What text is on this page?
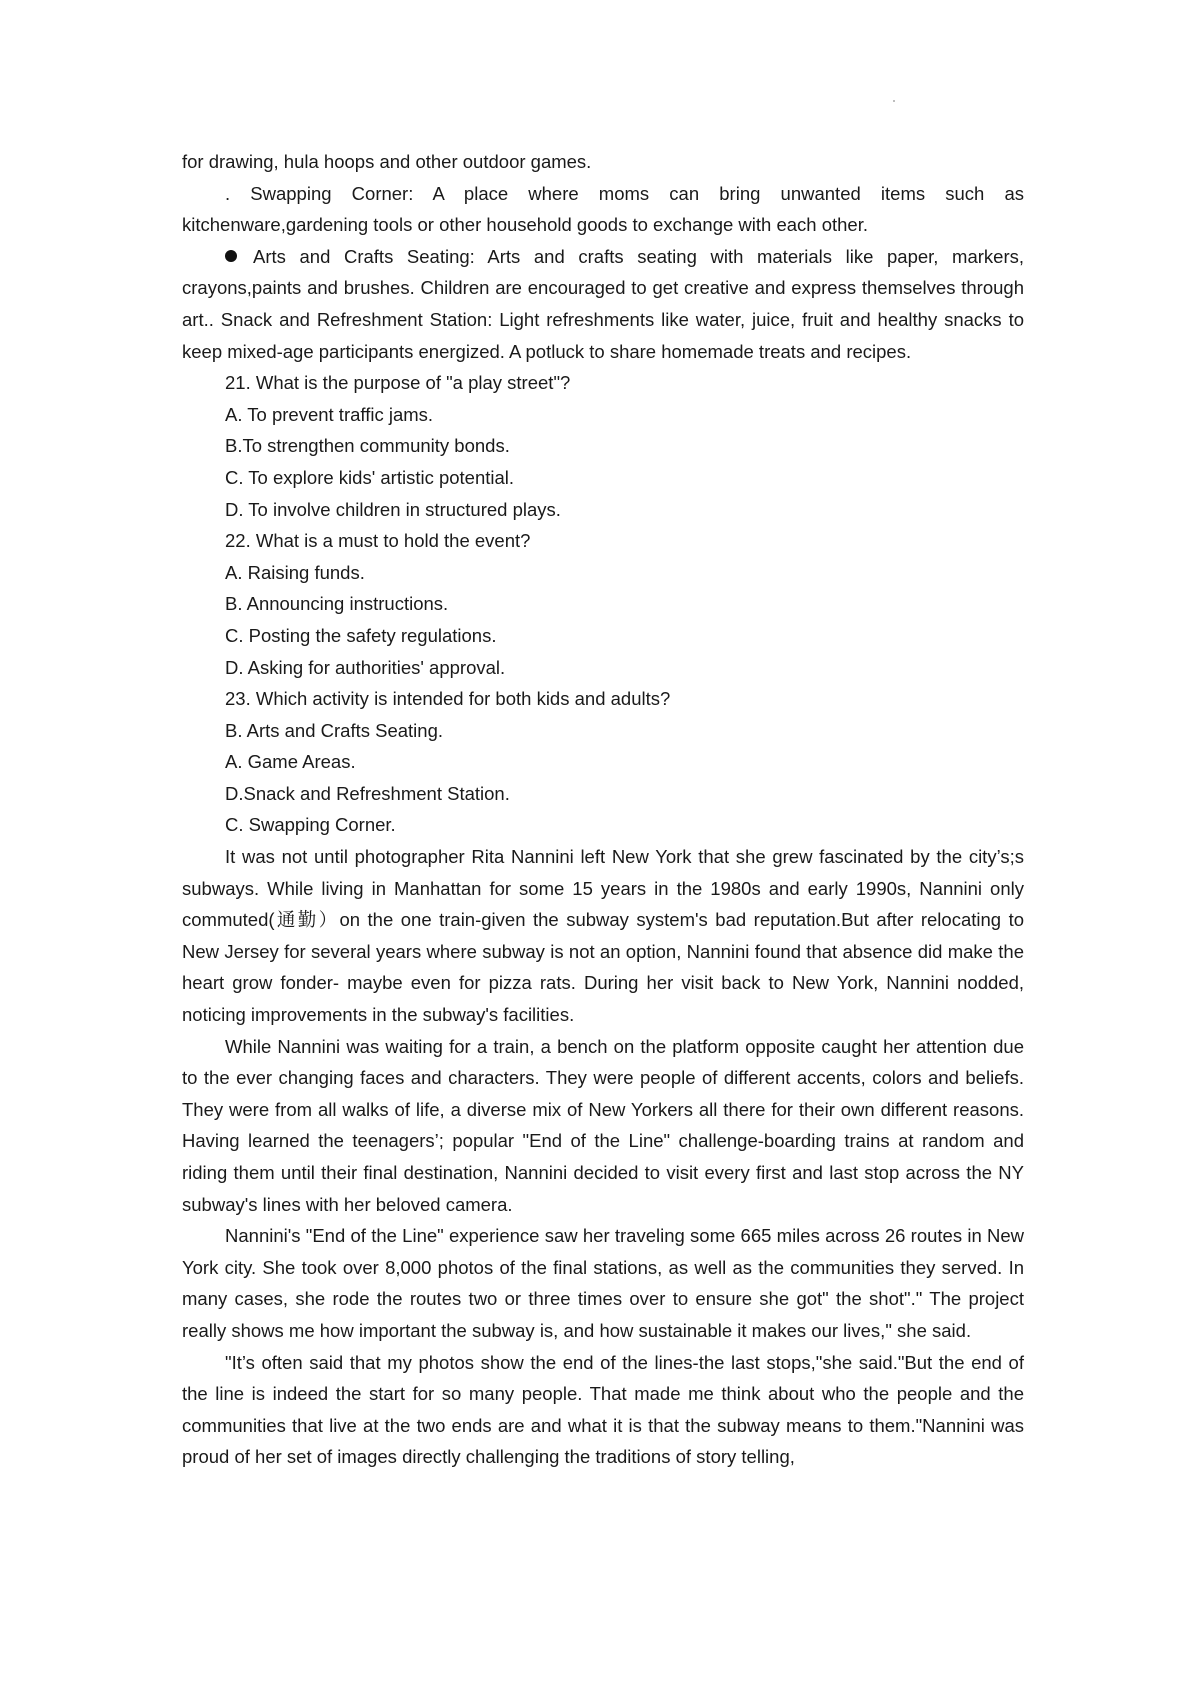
for drawing, hula hoops and other outdoor games.

. Swapping Corner: A place where moms can bring unwanted items such as kitchenware,gardening tools or other household goods to exchange with each other.

Arts and Crafts Seating: Arts and crafts seating with materials like paper, markers, crayons,paints and brushes. Children are encouraged to get creative and express themselves through art.. Snack and Refreshment Station: Light refreshments like water, juice, fruit and healthy snacks to keep mixed-age participants energized. A potluck to share homemade treats and recipes.

21. What is the purpose of "a play street"?

A. To prevent traffic jams.

B.To strengthen community bonds.

C. To explore kids' artistic potential.

D. To involve children in structured plays.

22. What is a must to hold the event?

A. Raising funds.

B. Announcing instructions.

C. Posting the safety regulations.

D. Asking for authorities' approval.

23. Which activity is intended for both kids and adults?

B. Arts and Crafts Seating.

A. Game Areas.

D.Snack and Refreshment Station.

C. Swapping Corner.

It was not until photographer Rita Nannini left New York that she grew fascinated by the city’s;s subways. While living in Manhattan for some 15 years in the 1980s and early 1990s, Nannini only commuted(通勤）on the one train-given the subway system's bad reputation.But after relocating to New Jersey for several years where subway is not an option, Nannini found that absence did make the heart grow fonder- maybe even for pizza rats. During her visit back to New York, Nannini nodded, noticing improvements in the subway's facilities.

While Nannini was waiting for a train, a bench on the platform opposite caught her attention due to the ever changing faces and characters. They were people of different accents, colors and beliefs. They were from all walks of life, a diverse mix of New Yorkers all there for their own different reasons. Having learned the teenagers’; popular "End of the Line" challenge-boarding trains at random and riding them until their final destination, Nannini decided to visit every first and last stop across the NY subway's lines with her beloved camera.

Nannini's "End of the Line" experience saw her traveling some 665 miles across 26 routes in New York city. She took over 8,000 photos of the final stations, as well as the communities they served. In many cases, she rode the routes two or three times over to ensure she got" the shot"." The project really shows me how important the subway is, and how sustainable it makes our lives," she said.

"It’s often said that my photos show the end of the lines-the last stops,"she said."But the end of the line is indeed the start for so many people. That made me think about who the people and the communities that live at the two ends are and what it is that the subway means to them."Nannini was proud of her set of images directly challenging the traditions of story telling,
